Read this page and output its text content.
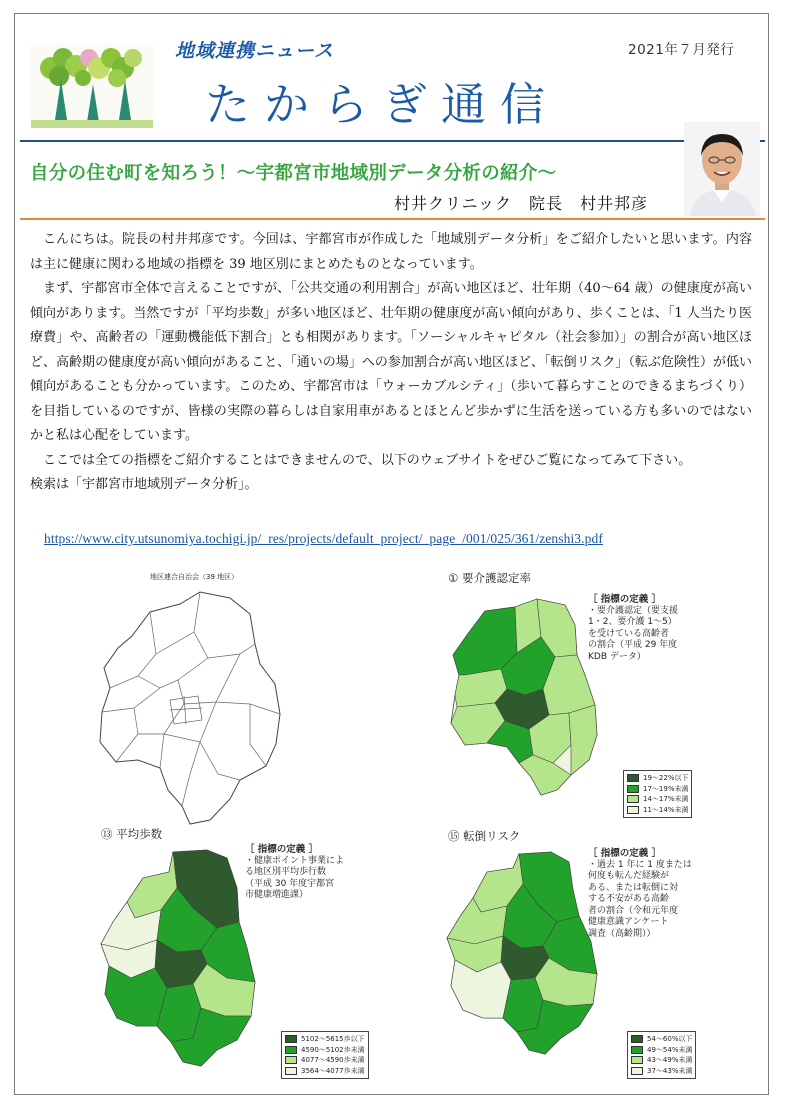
地域連携ニュース
たからぎ通信
2021年７月発行
自分の住む町を知ろう！～宇都宮市地域別データ分析の紹介～
村井クリニック　院長　村井邦彦

こんにちは。院長の村井邦彦です。今回は、宇都宮市が作成した「地域別データ分析」をご紹介したいと思います。内容は主に健康に関わる地域の指標を 39 地区別にまとめたものとなっています。

まず、宇都宮市全体で言えることですが、「公共交通の利用割合」が高い地区ほど、壮年期（40～64 歳）の健康度が高い傾向があります。当然ですが「平均歩数」が多い地区ほど、壮年期の健康度が高い傾向があり、歩くことは、「1 人当たり医療費」や、高齢者の「運動機能低下割合」とも相関があります。「ソーシャルキャピタル（社会参加）」の割合が高い地区ほど、高齢期の健康度が高い傾向があること、「通いの場」への参加割合が高い地区ほど、「転倒リスク」（転ぶ危険性）が低い傾向があることも分かっています。このため、宇都宮市は「ウォーカブルシティ」（歩いて暮らすことのできるまちづくり）を目指しているのですが、皆様の実際の暮らしは自家用車があるとほとんど歩かずに生活を送っている方も多いのではないかと私は心配をしています。

ここでは全ての指標をご紹介することはできませんので、以下のウェブサイトをぜひご覧になってみて下さい。

検索は「宇都宮市地域別データ分析」。

https://www.city.utsunomiya.tochigi.jp/_res/projects/default_project/_page_/001/025/361/zenshi3.pdf
地区連合自治会（39 地区）	① 要介護認定率
［ 指標の定義 ］
・要介護認定（要支援
1・2、要介護 1～5）
を受けている高齢者
の割合（平成 29 年度
KDB データ）
19～22%以下
17～19%未満
14～17%未満
11～14%未満
⑬ 平均歩数
［ 指標の定義 ］
・健康ポイント事業によ
る地区別平均歩行数
（平成 30 年度宇都宮
市健康増進課）
5102～5615歩以下
4590～5102歩未満
4077～4590歩未満
3564～4077歩未満
⑮ 転倒リスク
［ 指標の定義 ］
・過去 1 年に 1 度または
何度も転んだ経験が
ある、または転倒に対
する不安がある高齢
者の割合（令和元年度
健康意識アンケート
調査（高齢期））
54～60%以下
49～54%未満
43～49%未満
37～43%未満
